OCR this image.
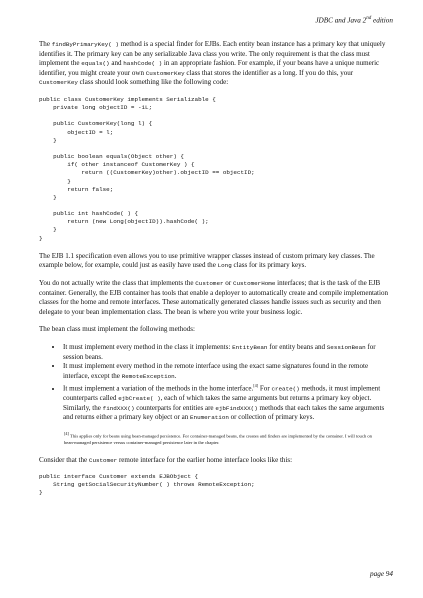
JDBC and Java 2nd edition

The findByPrimaryKey( ) method is a special finder for EJBs. Each entity bean instance has a primary key that uniquely identifies it. The primary key can be any serializable Java class you write. The only requirement is that the class must implement the equals() and hashCode( ) in an appropriate fashion. For example, if your beans have a unique numeric identifier, you might create your own CustomerKey class that stores the identifier as a long. If you do this, your CustomerKey class should look something like the following code:

public class CustomerKey implements Serializable {
private long objectID = -1L;

public CustomerKey(long l) {
objectID = l;
}

public boolean equals(Object other) {
if( other instanceof CustomerKey ) {
return ((CustomerKey)other).objectID == objectID;
}
return false;
}

public int hashCode( ) {
return (new Long(objectID)).hashCode( );
}
}

The EJB 1.1 specification even allows you to use primitive wrapper classes instead of custom primary key classes. The example below, for example, could just as easily have used the Long class for its primary keys.

You do not actually write the class that implements the Customer or CustomerHome interfaces; that is the task of the EJB container. Generally, the EJB container has tools that enable a deployer to automatically create and compile implementation classes for the home and remote interfaces. These automatically generated classes handle issues such as security and then delegate to your bean implementation class. The bean is where you write your business logic.

The bean class must implement the following methods:

• It must implement every method in the class it implements: EntityBean for entity beans and SessionBean for session beans.
• It must implement every method in the remote interface using the exact same signatures found in the remote interface, except the RemoteException.
• It must implement a variation of the methods in the home interface.[4] For create() methods, it must implement counterparts called ejbCreate( ), each of which takes the same arguments but returns a primary key object. Similarly, the findXXX() counterparts for entities are ejbFindXXX() methods that each takes the same arguments and returns either a primary key object or an Enumeration or collection of primary keys.
[4] This applies only for beans using bean-managed persistence. For container-managed beans, the creates and finders are implemented by the container. I will touch on bean-managed persistence versus container-managed persistence later in the chapter.

Consider that the Customer remote interface for the earlier home interface looks like this:

public interface Customer extends EJBObject {
String getSocialSecurityNumber( ) throws RemoteException;
}
page 94
